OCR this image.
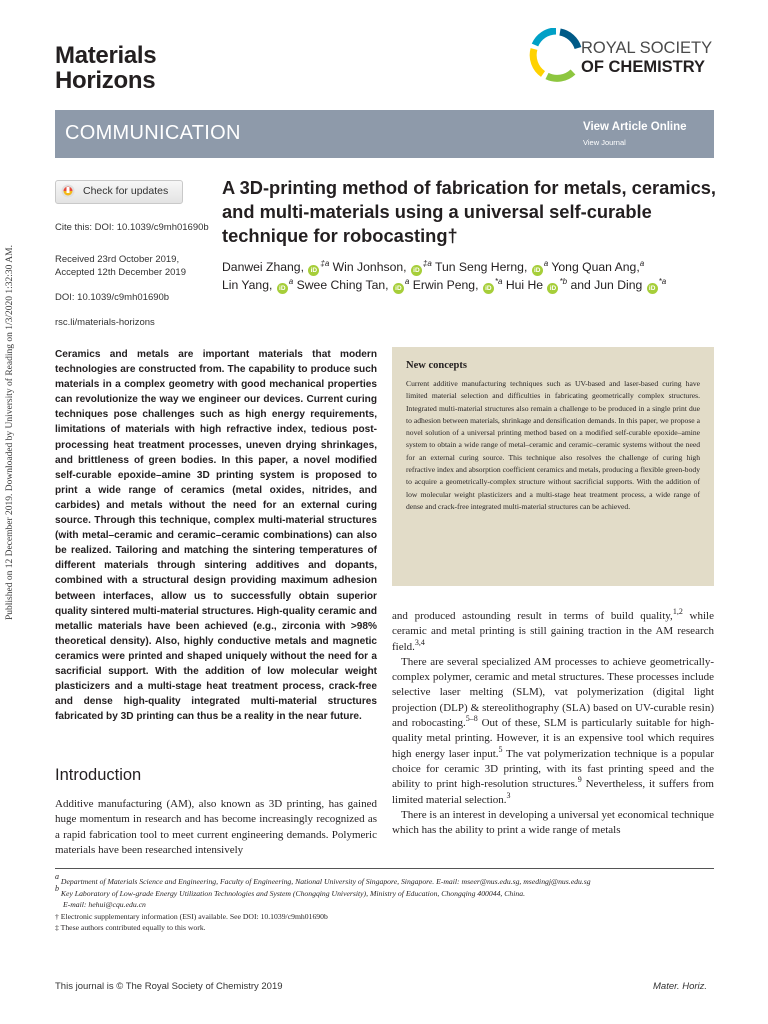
Published on 12 December 2019. Downloaded by University of Reading on 1/3/2020 1:32:30 AM.
Materials
Horizons
ROYAL SOCIETY
OF CHEMISTRY
COMMUNICATION	View Article Online
View Journal
Check for updates
Cite this: DOI: 10.1039/c9mh01690b
Received 23rd October 2019,
Accepted 12th December 2019
DOI: 10.1039/c9mh01690b
rsc.li/materials-horizons
A 3D-printing method of fabrication for metals, ceramics, and multi-materials using a universal self-curable technique for robocasting†
Danwei Zhang, iD$^{\ddagger a}$ Win Jonhson, iD$^{\ddagger a}$ Tun Seng Herng, iD$^a$ Yong Quan Ang,$^a$
Lin Yang, iD$^a$ Swee Ching Tan, iD$^a$ Erwin Peng, iD$^{*a}$ Hui He iD$^{*b}$ and Jun Ding iD$^{*a}$
Ceramics and metals are important materials that modern technologies are constructed from. The capability to produce such materials in a complex geometry with good mechanical properties can revolutionize the way we engineer our devices. Current curing techniques pose challenges such as high energy requirements, limitations of materials with high refractive index, tedious post-processing heat treatment processes, uneven drying shrinkages, and brittleness of green bodies. In this paper, a novel modified self-curable epoxide–amine 3D printing system is proposed to print a wide range of ceramics (metal oxides, nitrides, and carbides) and metals without the need for an external curing source. Through this technique, complex multi-material structures (with metal–ceramic and ceramic–ceramic combinations) can also be realized. Tailoring and matching the sintering temperatures of different materials through sintering additives and dopants, combined with a structural design providing maximum adhesion between interfaces, allow us to successfully obtain superior quality sintered multi-material structures. High-quality ceramic and metallic materials have been achieved (e.g., zirconia with >98% theoretical density). Also, highly conductive metals and magnetic ceramics were printed and shaped uniquely without the need for a sacrificial support. With the addition of low molecular weight plasticizers and a multi-stage heat treatment process, crack-free and dense high-quality integrated multi-material structures fabricated by 3D printing can thus be a reality in the near future.
New concepts
Current additive manufacturing techniques such as UV-based and laser-based curing have limited material selection and difficulties in fabricating geometrically complex structures. Integrated multi-material structures also remain a challenge to be produced in a single print due to adhesion between materials, shrinkage and densification demands. In this paper, we propose a novel solution of a universal printing method based on a modified self-curable epoxide–amine system to obtain a wide range of metal–ceramic and ceramic–ceramic systems without the need for an external curing source. This technique also resolves the challenge of curing high refractive index and absorption coefficient ceramics and metals, producing a flexible green-body to acquire a geometrically-complex structure without sacrificial supports. With the addition of low molecular weight plasticizers and a multi-stage heat treatment process, a wide range of dense and crack-free integrated multi-material structures can be achieved.
Introduction
Additive manufacturing (AM), also known as 3D printing, has gained huge momentum in research and has become increasingly recognized as a rapid fabrication tool to meet current engineering demands. Polymeric materials have been researched intensively

and produced astounding result in terms of build quality,$^{1,2}$ while ceramic and metal printing is still gaining traction in the AM research field.$^{3,4}$

There are several specialized AM processes to achieve geometrically-complex polymer, ceramic and metal structures. These processes include selective laser melting (SLM), vat polymerization (digital light projection (DLP) & stereolithography (SLA) based on UV-curable resin) and robocasting.$^{5-8}$ Out of these, SLM is particularly suitable for high-quality metal printing. However, it is an expensive tool which requires high energy laser input.$^5$ The vat polymerization technique is a popular choice for ceramic 3D printing, with its fast printing speed and the ability to print high-resolution structures.$^9$ Nevertheless, it suffers from limited material selection.$^3$

There is an interest in developing a universal yet economical technique which has the ability to print a wide range of metals

$^a$ Department of Materials Science and Engineering, Faculty of Engineering, National University of Singapore, Singapore. E-mail: mseer@nus.edu.sg, msedingj@nus.edu.sg
$^b$ Key Laboratory of Low-grade Energy Utilization Technologies and System (Chongqing University), Ministry of Education, Chongqing 400044, China.
E-mail: hehui@cqu.edu.cn
† Electronic supplementary information (ESI) available. See DOI: 10.1039/c9mh01690b
‡ These authors contributed equally to this work.
This journal is © The Royal Society of Chemistry 2019	Mater. Horiz.
